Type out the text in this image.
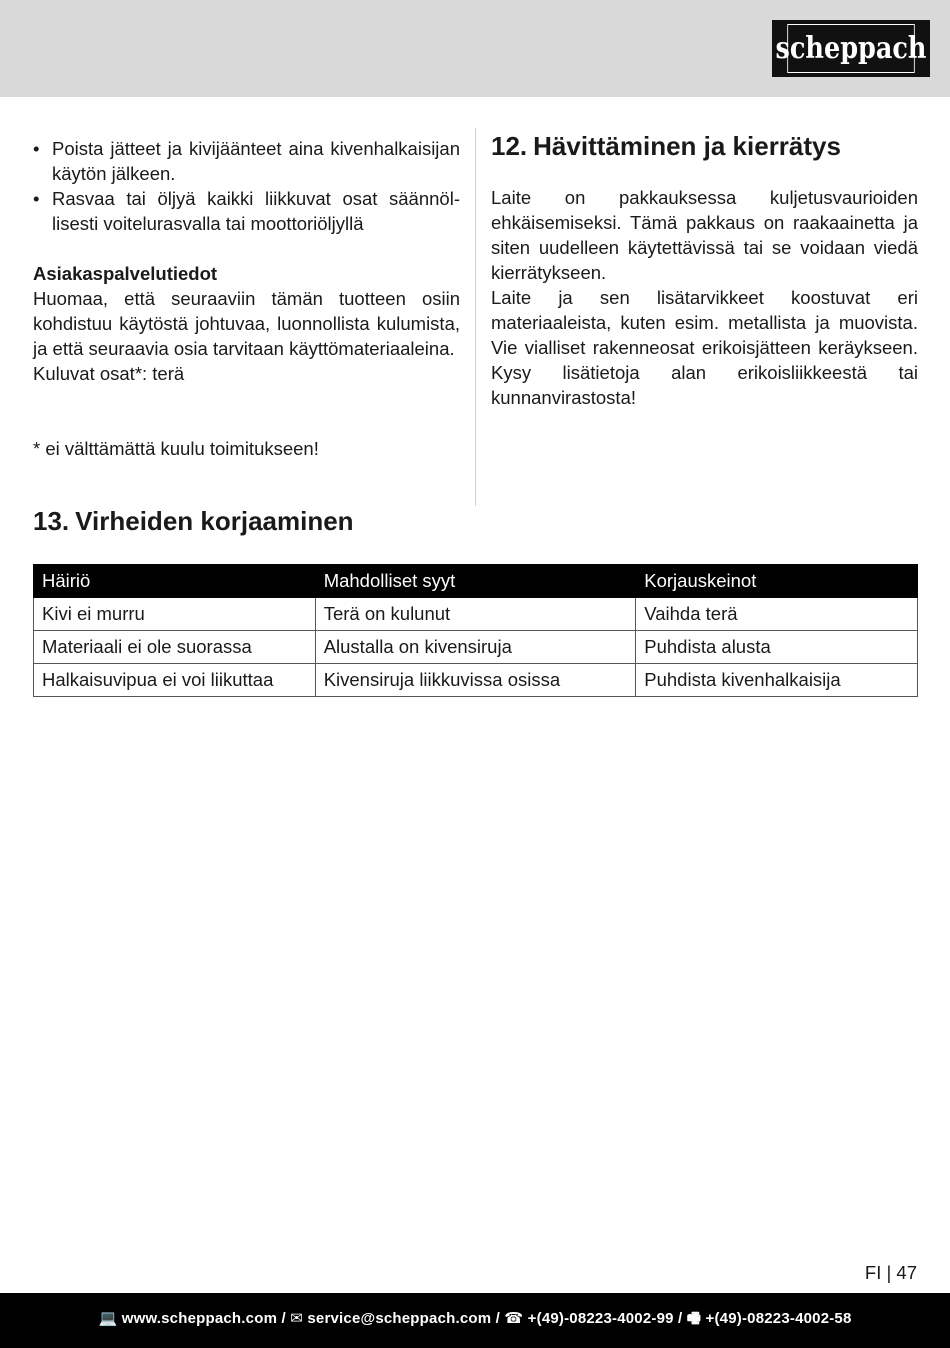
scheppach
• Poista jätteet ja kivijäänteet aina kivenhalkaisijan käytön jälkeen.
• Rasvaa tai öljyä kaikki liikkuvat osat säännöllisesti voitelurasvalla tai moottoriöljyllä
Asiakaspalvelutiedot

Huomaa, että seuraaviin tämän tuotteen osiin kohdistuu käytöstä johtuvaa, luonnollista kulumista, ja että seuraavia osia tarvitaan käyttömateriaaleina.

Kuluvat osat*: terä

* ei välttämättä kuulu toimitukseen!
12. Hävittäminen ja kierrätys

Laite on pakkauksessa kuljetusvaurioiden ehkäisemiseksi. Tämä pakkaus on raakaainetta ja siten uudelleen käytettävissä tai se voidaan viedä kierrätykseen.

Laite ja sen lisätarvikkeet koostuvat eri materiaaleista, kuten esim. metallista ja muovista. Vie vialliset rakenneosat erikoisjätteen keräykseen. Kysy lisätietoja alan erikoisliikkeestä tai kunnanvirastosta!

13. Virheiden korjaaminen
Häiriö	Mahdolliset syyt	Korjauskeinot
Kivi ei murru	Terä on kulunut	Vaihda terä
Materiaali ei ole suorassa	Alustalla on kivensiruja	Puhdista alusta
Halkaisuvipua ei voi liikuttaa	Kivensiruja liikkuvissa osissa	Puhdista kivenhalkaisija
FI | 47
💻 www.scheppach.com / ✉ service@scheppach.com / ☎ +(49)-08223-4002-99 / 🖷 +(49)-08223-4002-58
